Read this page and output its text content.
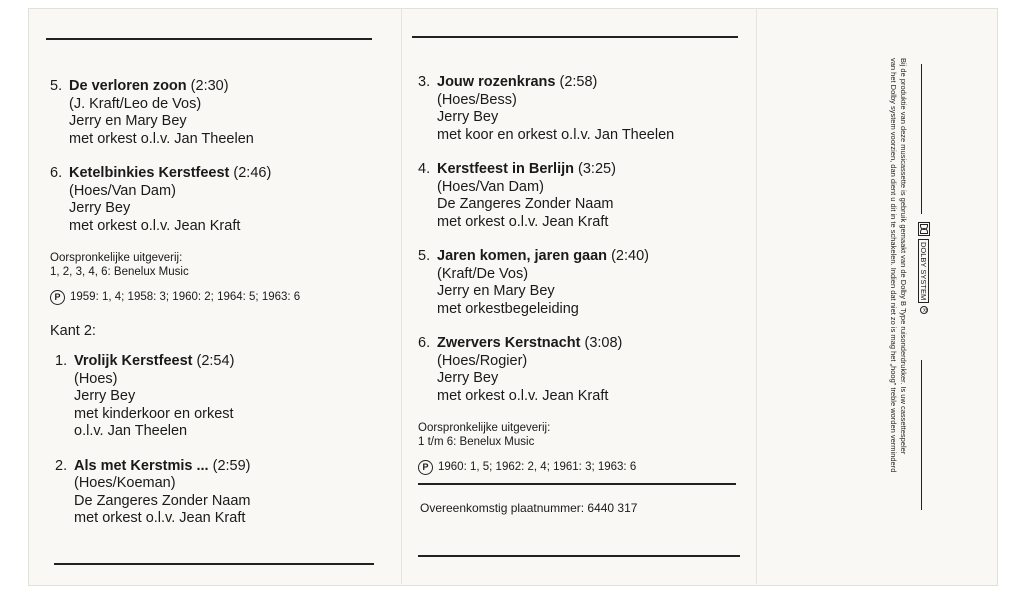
5. De verloren zoon (2:30)
(J. Kraft/Leo de Vos)
Jerry en Mary Bey
met orkest o.l.v. Jan Theelen
6. Ketelbinkies Kerstfeest (2:46)
(Hoes/Van Dam)
Jerry Bey
met orkest o.l.v. Jean Kraft
Oorspronkelijke uitgeverij:
1, 2, 3, 4, 6: Benelux Music
P 1959: 1, 4; 1958: 3; 1960: 2; 1964: 5; 1963: 6
Kant 2:
1. Vrolijk Kerstfeest (2:54)
(Hoes)
Jerry Bey
met kinderkoor en orkest
o.l.v. Jan Theelen
2. Als met Kerstmis ... (2:59)
(Hoes/Koeman)
De Zangeres Zonder Naam
met orkest o.l.v. Jean Kraft
3. Jouw rozenkrans (2:58)
(Hoes/Bess)
Jerry Bey
met koor en orkest o.l.v. Jan Theelen
4. Kerstfeest in Berlijn (3:25)
(Hoes/Van Dam)
De Zangeres Zonder Naam
met orkest o.l.v. Jean Kraft
5. Jaren komen, jaren gaan (2:40)
(Kraft/De Vos)
Jerry en Mary Bey
met orkestbegeleiding
6. Zwervers Kerstnacht (3:08)
(Hoes/Rogier)
Jerry Bey
met orkest o.l.v. Jean Kraft
Oorspronkelijke uitgeverij:
1 t/m 6: Benelux Music
P 1960: 1, 5; 1962: 2, 4; 1961: 3; 1963: 6
Overeenkomstig plaatnummer: 6440 317
Bij de produktie van deze musicassette is gebruik gemaakt van de Dolby B Type ruisonderdrukker. Is uw cassettespeler
van het Dolby system voorzien, dan dient u dit in te schakelen. Indien dat niet zo is mag het „hoog” treble worden verminderd	DOLBY SYSTEM
R
